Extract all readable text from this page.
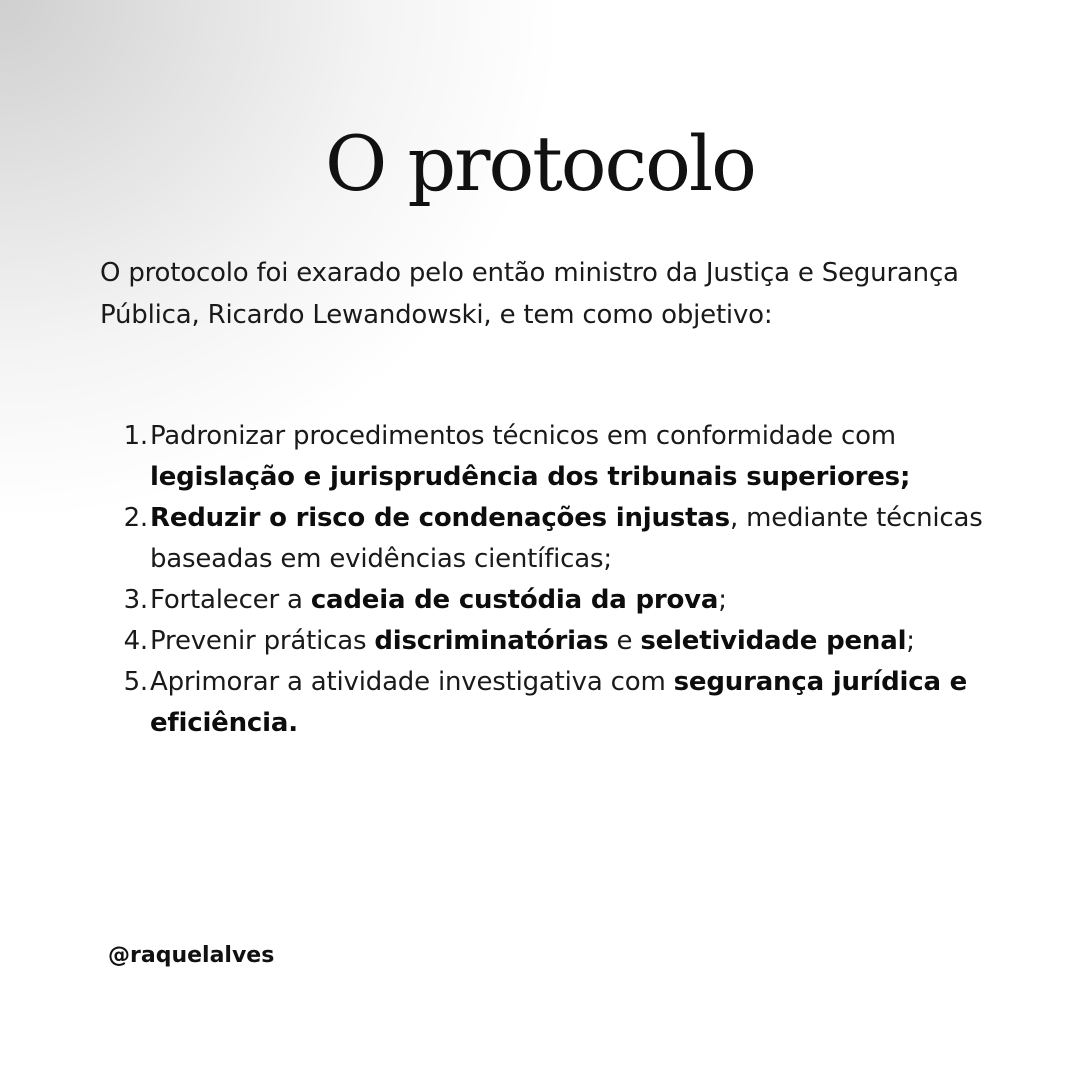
O protocolo

O protocolo foi exarado pelo então ministro da Justiça e Segurança Pública, Ricardo Lewandowski, e tem como objetivo:

1. Padronizar procedimentos técnicos em conformidade com legislação e jurisprudência dos tribunais superiores;
2. Reduzir o risco de condenações injustas, mediante técnicas baseadas em evidências científicas;
3. Fortalecer a cadeia de custódia da prova;
4. Prevenir práticas discriminatórias e seletividade penal;
5. Aprimorar a atividade investigativa com segurança jurídica e eficiência.

@raquelalves
